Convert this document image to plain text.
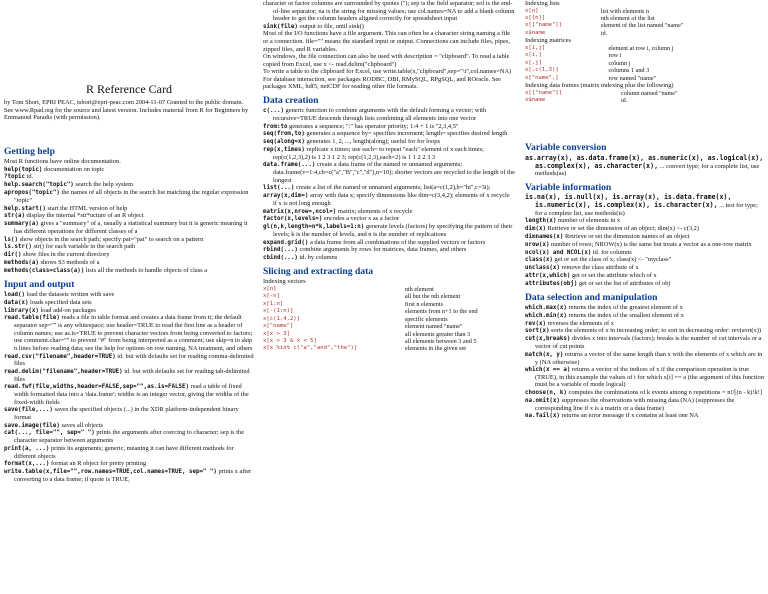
R Reference Card

by Tom Short, EPRI PEAC, tshort@epri-peac.com 2004-11-07 Granted to the public domain. See www.Rpad.org for the source and latest version. Includes material from R for Beginners by Emmanuel Paradis (with permission).

Getting help

Most R functions have online documentation.

help(topic) documentation on topic

?topic id.

help.search("topic") search the help system

apropos("topic") the names of all objects in the search list matching the regular expression "topic"

help.start() start the HTML version of help

str(a) display the internal *str*ucture of an R object

summary(a) gives a "summary" of a, usually a statistical summary but it is generic meaning it has different operations for different classes of a

ls() show objects in the search path; specify pat="pat" to search on a pattern

ls.str() str() for each variable in the search path

dir() show files in the current directory

methods(a) shows S3 methods of a

methods(class=class(a)) lists all the methods to handle objects of class a

Input and output

load() load the datasets written with save

data(x) loads specified data sets

library(x) load add-on packages

read.table(file) reads a file in table format and creates a data frame from it; the default separator sep="" is any whitespace; use header=TRUE to read the first line as a header of column names; use as.is=TRUE to prevent character vectors from being converted to factors; use comment.char="" to prevent "#" from being interpreted as a comment; use skip=n to skip n lines before reading data; see the help for options on row naming, NA treatment, and others

read.csv("filename",header=TRUE) id. but with defaults set for reading comma-delimited files

read.delim("filename",header=TRUE) id. but with defaults set for reading tab-delimited files

read.fwf(file,widths,header=FALSE,sep="",as.is=FALSE) read a table of fixed width formatted data into a 'data.frame'; widths is an integer vector, giving the widths of the fixed-width fields

save(file,...) saves the specified objects (...) in the XDR platform-independent binary format

save.image(file) saves all objects

cat(..., file="", sep=" ") prints the arguments after coercing to character; sep is the character separator between arguments

print(a, ...) prints its arguments; generic, meaning it can have different methods for different objects

format(x,...) format an R object for pretty printing

write.table(x,file="",row.names=TRUE,col.names=TRUE, sep=" ") prints x after converting to a data frame; if quote is TRUE,

character or factor columns are surrounded by quotes ("); sep is the field separator; eol is the end-of-line separator; na is the string for missing values; use col.names=NA to add a blank column header to get the column headers aligned correctly for spreadsheet input

sink(file) output to file, until sink()

Most of the I/O functions have a file argument. This can often be a character string naming a file or a connection. file="" means the standard input or output. Connections can include files, pipes, zipped files, and R variables.

On windows, the file connection can also be used with description = "clipboard". To read a table copied from Excel, use x <- read.delim("clipboard")

To write a table to the clipboard for Excel, use write.table(x,"clipboard",sep="\t",col.names=NA)

For database interaction, see packages RODBC, DBI, RMySQL, RPgSQL, and ROracle. See packages XML, hdf5, netCDF for reading other file formats.

Data creation

c(...) generic function to combine arguments with the default forming a vector; with recursive=TRUE descends through lists combining all elements into one vector

from:to generates a sequence; ":" has operator priority; 1:4 + 1 is "2,3,4,5"

seq(from,to) generates a sequence by= specifies increment; length= specifies desired length

seq(along=x) generates 1, 2, ..., length(along); useful for for loops

rep(x,times) replicate x times; use each= to repeat "each" element of x each times; rep(c(1,2,3),2) is 1 2 3 1 2 3; rep(c(1,2,3),each=2) is 1 1 2 2 3 3

data.frame(...) create a data frame of the named or unnamed arguments; data.frame(v=1:4,ch=c("a","B","c","d"),n=10); shorter vectors are recycled to the length of the longest

list(...) create a list of the named or unnamed arguments; list(a=c(1,2),b="hi",c=3i);

array(x,dim=) array with data x; specify dimensions like dim=c(3,4,2); elements of x recycle if x is not long enough

matrix(x,nrow=,ncol=) matrix; elements of x recycle

factor(x,levels=) encodes a vector x as a factor

gl(n,k,length=n*k,labels=1:n) generate levels (factors) by specifying the pattern of their levels; k is the number of levels, and n is the number of replications

expand.grid() a data frame from all combinations of the supplied vectors or factors

rbind(...) combine arguments by rows for matrices, data frames, and others

cbind(...) id. by columns

Slicing and extracting data
Indexing vectors
x[n]	nth element
x[-n]	all but the nth element
x[1:n]	first n elements
x[-(1:n)]	elements from n+1 to the end
x[c(1,4,2)]	specific elements
x["name"]	element named "name"
x[x > 3]	all elements greater than 3
x[x > 3 & x < 5]	all elements between 3 and 5
x[x %in% c("a","and","the")]	elements in the given set
Indexing lists
x[n]	list with elements n
x[[n]]	nth element of the list
x[["name"]]	element of the list named "name"
x$name	id.
Indexing matrices
x[i,j]	element at row i, column j
x[i,]	row i
x[,j]	column j
x[,c(1,3)]	columns 1 and 3
x["name",]	row named "name"
Indexing data frames (matrix indexing plus the following)
x[["name"]]	column named "name"
x$name	id.
Variable conversion

as.array(x), as.data.frame(x), as.numeric(x), as.logical(x), as.complex(x), as.character(x), ... convert type; for a complete list, use methods(as)

Variable information

is.na(x), is.null(x), is.array(x), is.data.frame(x), is.numeric(x), is.complex(x), is.character(x), ... test for type; for a complete list, use methods(is)

length(x) number of elements in x

dim(x) Retrieve or set the dimension of an object; dim(x) <- c(3,2)

dimnames(x) Retrieve or set the dimension names of an object

nrow(x) number of rows; NROW(x) is the same but treats a vector as a one-row matrix

ncol(x) and NCOL(x) id. for columns

class(x) get or set the class of x; class(x) <- "myclass"

unclass(x) remove the class attribute of x

attr(x,which) get or set the attribute which of x

attributes(obj) get or set the list of attributes of obj

Data selection and manipulation

which.max(x) returns the index of the greatest element of x

which.min(x) returns the index of the smallest element of x

rev(x) reverses the elements of x

sort(x) sorts the elements of x in increasing order; to sort in decreasing order: rev(sort(x))

cut(x,breaks) divides x into intervals (factors); breaks is the number of cut intervals or a vector of cut points

match(x, y) returns a vector of the same length than x with the elements of x which are in y (NA otherwise)

which(x == a) returns a vector of the indices of x if the comparison operation is true (TRUE), in this example the values of i for which x[i] == a (the argument of this function must be a variable of mode logical)

choose(n, k) computes the combinations of k events among n repetitions = n!/[(n - k)!k!]

na.omit(x) suppresses the observations with missing data (NA) (suppresses the corresponding line if x is a matrix or a data frame)

na.fail(x) returns an error message if x contains at least one NA
